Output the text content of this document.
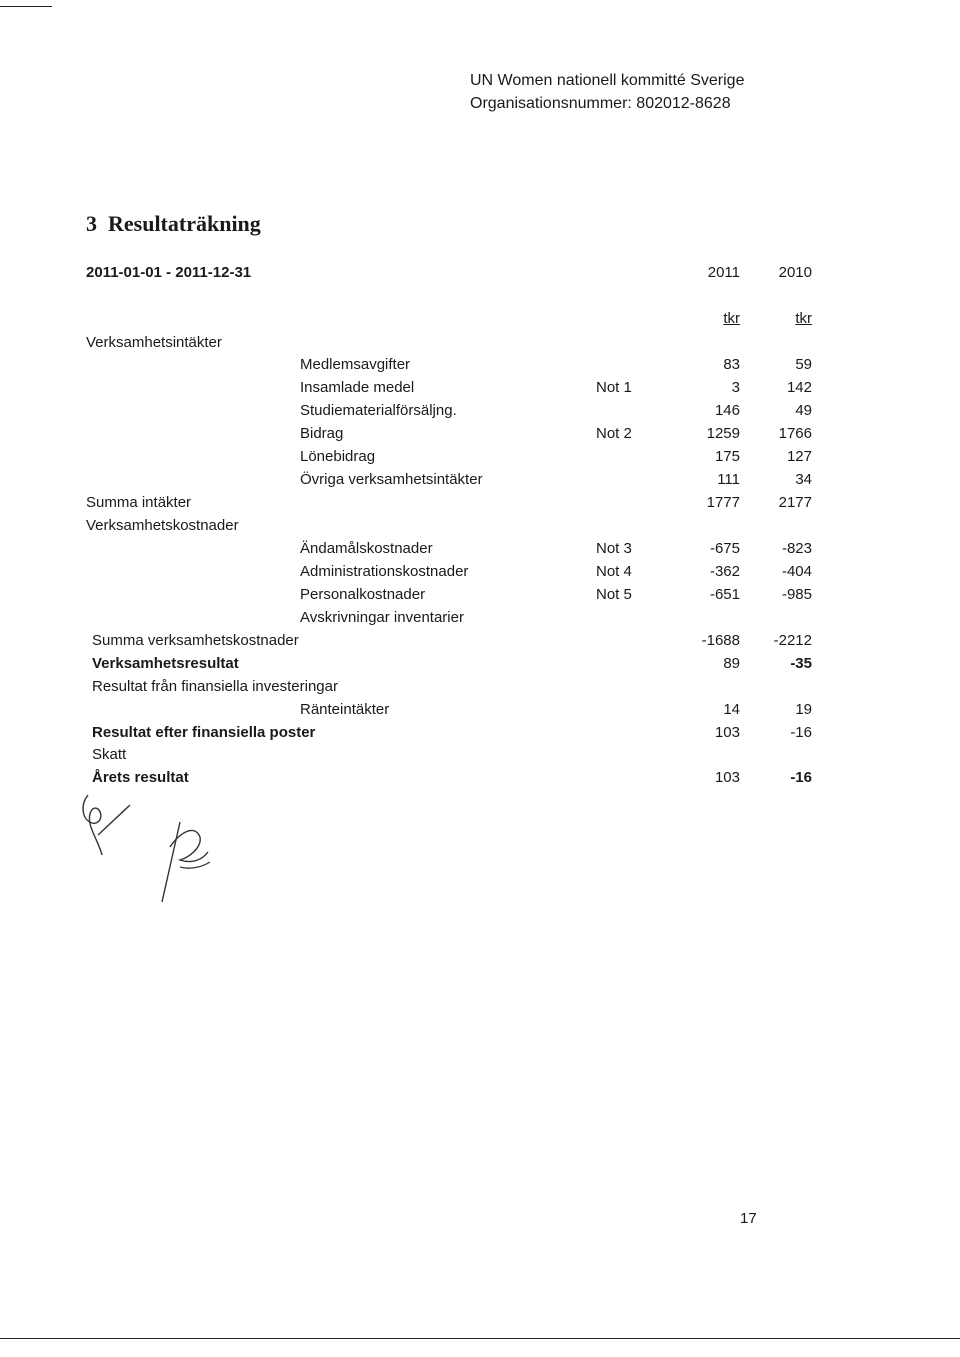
UN Women nationell kommitté Sverige
Organisationsnummer: 802012-8628
3 Resultaträkning
2011-01-01 - 2011-12-31	2011	2010
tkr	tkr
Verksamhetsintäkter
Medlemsavgifter	83	59
Insamlade medel	Not 1	3	142
Studiematerialförsäljng.	146	49
Bidrag	Not 2	1259	1766
Lönebidrag	175	127
Övriga verksamhetsintäkter	111	34
Summa intäkter	1777	2177
Verksamhetskostnader
Ändamålskostnader	Not 3	-675	-823
Administrationskostnader	Not 4	-362	-404
Personalkostnader	Not 5	-651	-985
Avskrivningar inventarier
Summa verksamhetskostnader	-1688	-2212
Verksamhetsresultat	89	-35
Resultat från finansiella investeringar
Ränteintäkter	14	19
Resultat efter finansiella poster	103	-16
Skatt
Årets resultat	103	-16
17
